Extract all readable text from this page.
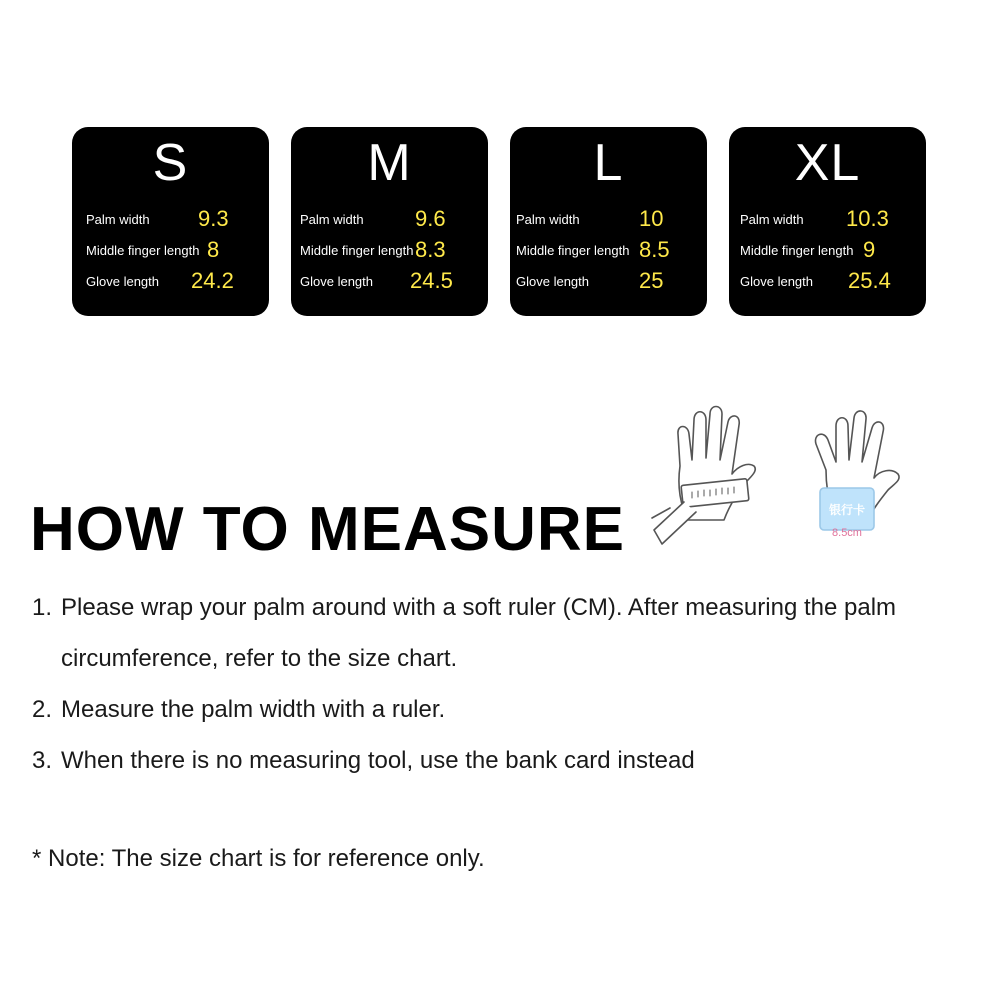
S
Palm width 9.3
Middle finger length 8
Glove length 24.2
M
Palm width 9.6
Middle finger length 8.3
Glove length 24.5
L
Palm width	10
Middle finger length 8.5
Glove length 25
XL
Palm width 10.3
Middle finger length 9
Glove length 25.4
HOW TO MEASURE	银行卡
8.5cm
1. Please wrap your palm around with a soft ruler (CM). After measuring the palm
circumference, refer to the size chart.
2. Measure the palm width with a ruler.
3. When there is no measuring tool, use the bank card instead
* Note: The size chart is for reference only.
